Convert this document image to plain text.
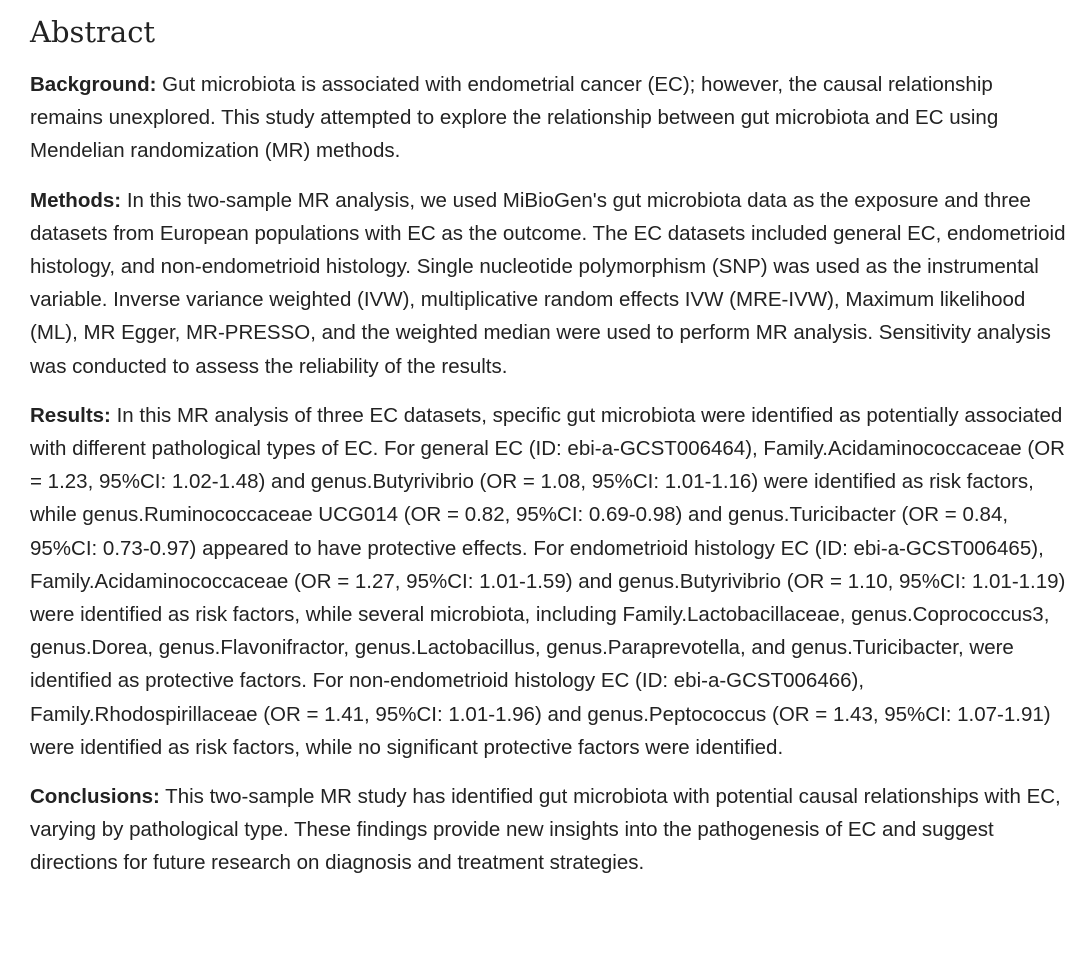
Abstract

Background: Gut microbiota is associated with endometrial cancer (EC); however, the causal relationship remains unexplored. This study attempted to explore the relationship between gut microbiota and EC using Mendelian randomization (MR) methods.

Methods: In this two-sample MR analysis, we used MiBioGen's gut microbiota data as the exposure and three datasets from European populations with EC as the outcome. The EC datasets included general EC, endometrioid histology, and non-endometrioid histology. Single nucleotide polymorphism (SNP) was used as the instrumental variable. Inverse variance weighted (IVW), multiplicative random effects IVW (MRE-IVW), Maximum likelihood (ML), MR Egger, MR-PRESSO, and the weighted median were used to perform MR analysis. Sensitivity analysis was conducted to assess the reliability of the results.

Results: In this MR analysis of three EC datasets, specific gut microbiota were identified as potentially associated with different pathological types of EC. For general EC (ID: ebi-a-GCST006464), Family.Acidaminococcaceae (OR = 1.23, 95%CI: 1.02-1.48) and genus.Butyrivibrio (OR = 1.08, 95%CI: 1.01-1.16) were identified as risk factors, while genus.Ruminococcaceae UCG014 (OR = 0.82, 95%CI: 0.69-0.98) and genus.Turicibacter (OR = 0.84, 95%CI: 0.73-0.97) appeared to have protective effects. For endometrioid histology EC (ID: ebi-a-GCST006465), Family.Acidaminococcaceae (OR = 1.27, 95%CI: 1.01-1.59) and genus.Butyrivibrio (OR = 1.10, 95%CI: 1.01-1.19) were identified as risk factors, while several microbiota, including Family.Lactobacillaceae, genus.Coprococcus3, genus.Dorea, genus.Flavonifractor, genus.Lactobacillus, genus.Paraprevotella, and genus.Turicibacter, were identified as protective factors. For non-endometrioid histology EC (ID: ebi-a-GCST006466), Family.Rhodospirillaceae (OR = 1.41, 95%CI: 1.01-1.96) and genus.Peptococcus (OR = 1.43, 95%CI: 1.07-1.91) were identified as risk factors, while no significant protective factors were identified.

Conclusions: This two-sample MR study has identified gut microbiota with potential causal relationships with EC, varying by pathological type. These findings provide new insights into the pathogenesis of EC and suggest directions for future research on diagnosis and treatment strategies.
